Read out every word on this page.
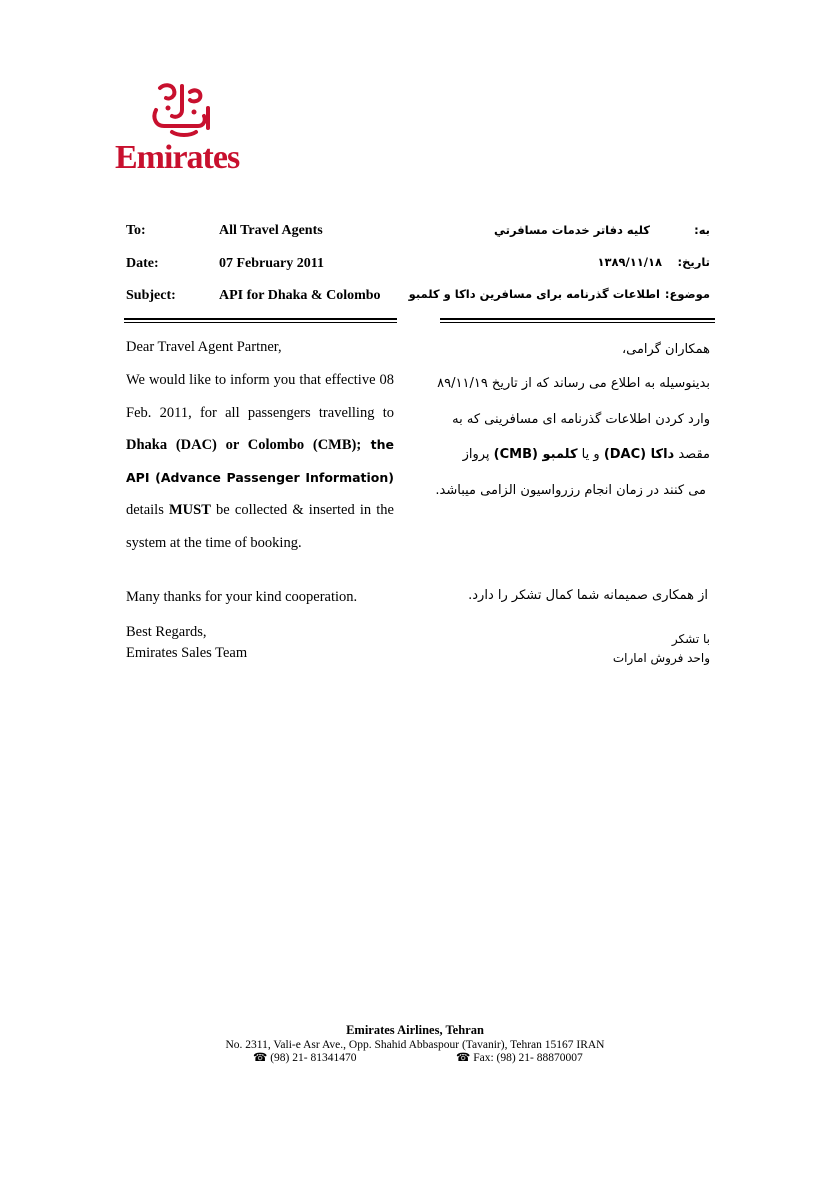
Emirates
To:	All Travel Agents
Date:	07 February 2011
Subject:	API for Dhaka & Colombo
به:
کلیه دفاتر خدمات مسافرتي
تاریخ:
۱۳۸۹/۱۱/۱۸
موضوع:
اطلاعات گذرنامه برای مسافرین داکا و کلمبو
Dear Travel Agent Partner,

We would like to inform you that effective 08 Feb. 2011, for all passengers travelling to Dhaka (DAC) or Colombo (CMB); the API (Advance Passenger Information) details MUST be collected & inserted in the system at the time of booking.

Many thanks for your kind cooperation.
Best Regards,
Emirates Sales Team
همکاران گرامی،
بدینوسیله به اطلاع می رساند که از تاریخ ۸۹/۱۱/۱۹
وارد کردن اطلاعات گذرنامه ای مسافرینی که به
مقصد داکا (DAC) و یا کلمبو (CMB) پرواز
می کنند در زمان انجام رزرواسیون الزامی میباشد.
از همکاری صمیمانه شما کمال تشکر را دارد.
با تشکر
واحد فروش امارات
Emirates Airlines, Tehran
No. 2311, Vali-e Asr Ave., Opp. Shahid Abbaspour (Tavanir), Tehran 15167 IRAN
☎ (98) 21- 81341470	☎ Fax: (98) 21- 88870007
